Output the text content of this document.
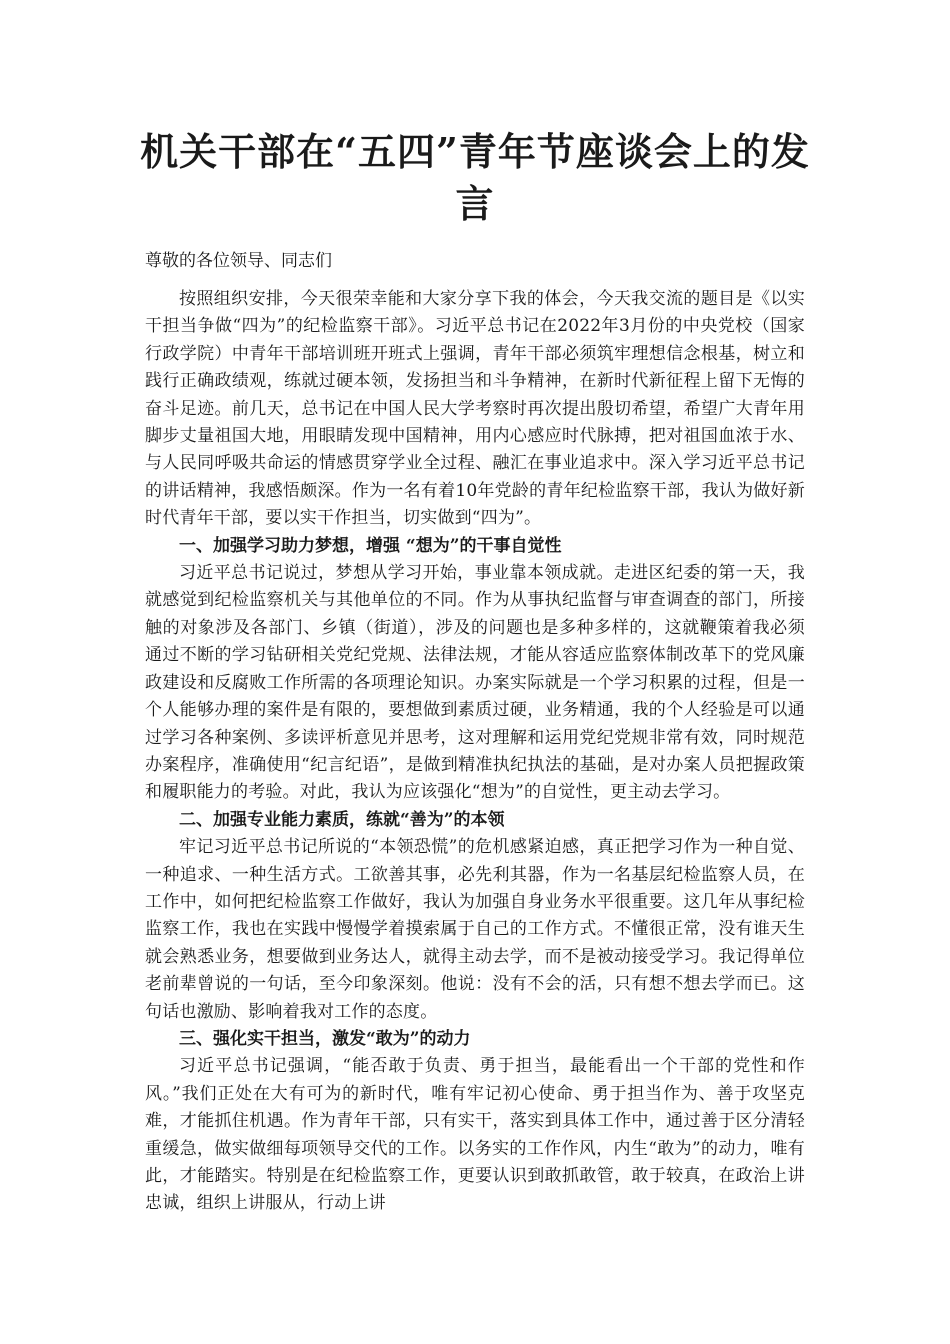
机关干部在“五四”青年节座谈会上的发言

尊敬的各位领导、同志们

按照组织安排，今天很荣幸能和大家分享下我的体会，今天我交流的题目是《以实干担当争做“四为”的纪检监察干部》。习近平总书记在2022年3月份的中央党校（国家行政学院）中青年干部培训班开班式上强调，青年干部必须筑牢理想信念根基，树立和践行正确政绩观，练就过硬本领，发扬担当和斗争精神，在新时代新征程上留下无悔的奋斗足迹。前几天，总书记在中国人民大学考察时再次提出殷切希望，希望广大青年用脚步丈量祖国大地，用眼睛发现中国精神，用内心感应时代脉搏，把对祖国血浓于水、与人民同呼吸共命运的情感贯穿学业全过程、融汇在事业追求中。深入学习近平总书记的讲话精神，我感悟颇深。作为一名有着10年党龄的青年纪检监察干部，我认为做好新时代青年干部，要以实干作担当，切实做到“四为”。

一、加强学习助力梦想，增强 “想为”的干事自觉性

习近平总书记说过，梦想从学习开始，事业靠本领成就。走进区纪委的第一天，我就感觉到纪检监察机关与其他单位的不同。作为从事执纪监督与审查调查的部门，所接触的对象涉及各部门、乡镇（街道），涉及的问题也是多种多样的，这就鞭策着我必须通过不断的学习钻研相关党纪党规、法律法规，才能从容适应监察体制改革下的党风廉政建设和反腐败工作所需的各项理论知识。办案实际就是一个学习积累的过程，但是一个人能够办理的案件是有限的，要想做到素质过硬，业务精通，我的个人经验是可以通过学习各种案例、多读评析意见并思考，这对理解和运用党纪党规非常有效，同时规范办案程序，准确使用“纪言纪语”，是做到精准执纪执法的基础，是对办案人员把握政策和履职能力的考验。对此，我认为应该强化“想为”的自觉性，更主动去学习。

二、加强专业能力素质，练就“善为”的本领

牢记习近平总书记所说的“本领恐慌”的危机感紧迫感，真正把学习作为一种自觉、一种追求、一种生活方式。工欲善其事，必先利其器，作为一名基层纪检监察人员，在工作中，如何把纪检监察工作做好，我认为加强自身业务水平很重要。这几年从事纪检监察工作，我也在实践中慢慢学着摸索属于自己的工作方式。不懂很正常，没有谁天生就会熟悉业务，想要做到业务达人，就得主动去学，而不是被动接受学习。我记得单位老前辈曾说的一句话，至今印象深刻。他说：没有不会的活，只有想不想去学而已。这句话也激励、影响着我对工作的态度。

三、强化实干担当，激发“敢为”的动力

习近平总书记强调，“能否敢于负责、勇于担当，最能看出一个干部的党性和作风。”我们正处在大有可为的新时代，唯有牢记初心使命、勇于担当作为、善于攻坚克难，才能抓住机遇。作为青年干部，只有实干，落实到具体工作中，通过善于区分清轻重缓急，做实做细每项领导交代的工作。以务实的工作作风，内生“敢为”的动力，唯有此，才能踏实。特别是在纪检监察工作，更要认识到敢抓敢管，敢于较真，在政治上讲忠诚，组织上讲服从，行动上讲
